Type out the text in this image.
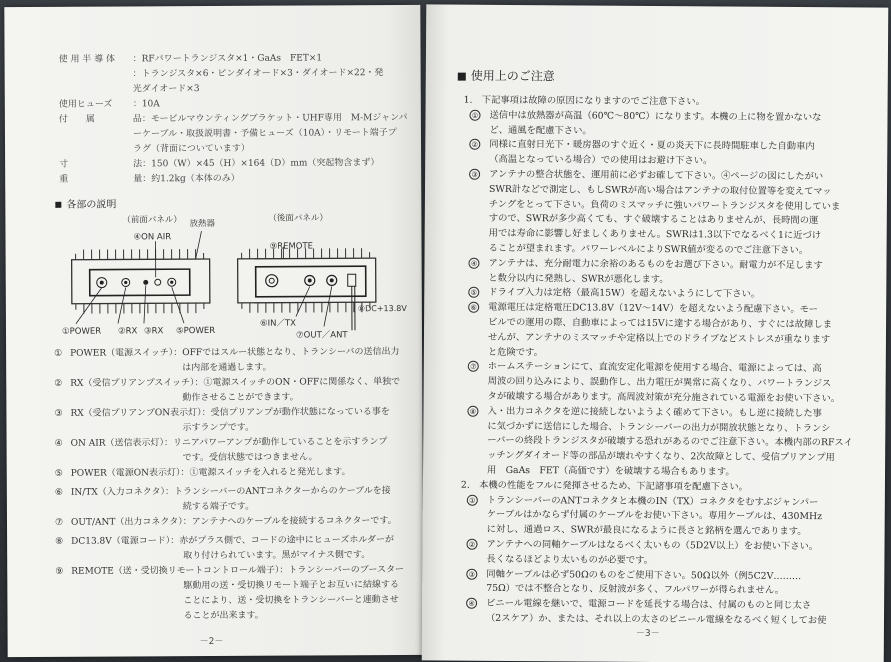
使 用 半 導 体 ：RFパワートランジスタ×1・GaAs　FET×1
：トランジスタ×6・ピンダイオード×3・ダイオード×22・発
光ダイオード×3
使用ヒューズ ：10A
付　　属	品：モービルマウンティングブラケット・UHF専用　M-Mジャンパ
ーケーブル・取扱説明書・予備ヒューズ（10A）・リモート端子プ
ラグ（背面についています）
寸	法：150（W）×45（H）×164（D）mm（突起物含まず）
重	量：約1.2kg（本体のみ）
各部の説明
（前面パネル） 放熱器
④ON AIR
（後面パネル）
⑨REMOTE
①POWER ②RX ③RX ⑤POWER
⑥IN／TX
⑦OUT／ANT
⑧DC+13.8V
① POWER（電源スイッチ）：OFFではスルー状態となり、トランシーバの送信出力
は内部を通過します。
② RX（受信プリアンプスイッチ）：①電源スイッチのON・OFFに関係なく、単独で
動作させることができます。
③ RX（受信プリアンプON表示灯）：受信プリアンプが動作状態になっている事を
示すランプです。
④ ON AIR（送信表示灯）：リニアパワーアンプが動作していることを示すランプ
です。受信状態ではつきません。
⑤ POWER（電源ON表示灯）：①電源スイッチを入れると発光します。
⑥ IN/TX（入力コネクタ）：トランシーバーのANTコネクターからのケーブルを接
続する端子です。
⑦ OUT/ANT（出力コネクタ）：アンテナへのケーブルを接続するコネクターです。
⑧ DC13.8V（電源コード）：赤がプラス側で、コードの途中にヒューズホルダーが
取り付けられています。黒がマイナス側です。
⑨ REMOTE（送・受切換リモートコントロール端子）：トランシーバーのブースター
駆動用の送・受切換リモート端子とお互いに結線する
ことにより、送・受切換をトランシーバーと連動させ
ることが出来ます。
－2－
使用上のご注意
1.　下記事項は故障の原因になりますのでご注意下さい。
① 送信中は放熱器が高温（60℃～80℃）になります。本機の上に物を置かないな
ど、通風を配慮下さい。
② 同様に直射日光下・暖房器のすぐ近く・夏の炎天下に長時間駐車した自動車内
（高温となっている場合）での使用はお避け下さい。
③ アンテナの整合状態を、運用前に必ずお確して下さい。④ページの図にしたがい
SWR計などで測定し、もしSWRが高い場合はアンテナの取付位置等を変えてマッ
チングをとって下さい。負荷のミスマッチに強いパワートランジスタを使用していま
すので、SWRが多少高くても、すぐ破壊することはありませんが、長時間の運
用では寿命に影響し好ましくありません。SWRは1.3以下でなるべく1に近づけ
ることが望まれます。パワーレベルによりSWR値が変るのでご注意下さい。
④ アンテナは、充分耐電力に余裕のあるものをお選び下さい。耐電力が不足します
と数分以内に発熱し、SWRが悪化します。
⑤ ドライブ入力は定格（最高15W）を超えないようにして下さい。
⑥ 電源電圧は定格電圧DC13.8V（12V～14V）を超えないよう配慮下さい。モー
ビルでの運用の際、自動車によっては15Vに達する場合があり、すぐには故障しま
せんが、アンテナのミスマッチや定格以上でのドライブなどストレスが重なります
と危険です。
⑦ ホームステーションにて、直流安定化電源を使用する場合、電源によっては、高
周波の回り込みにより、誤動作し、出力電圧が異常に高くなり、パワートランジス
タが破壊する場合があります。高周波対策が充分施されている電源をお使い下さい。
⑧ 入・出力コネクタを逆に接続しないようよく確めて下さい。もし逆に接続した事
に気づかずに送信にした場合、トランシーバーの出力が開放状態となり、トランシ
ーバーの終段トランジスタが破壊する恐れがあるのでご注意下さい。本機内部のRFスイ
ッチングダイオード等の部品が壊れやすくなり、2次故障として、受信プリアンプ用
用　GaAs　FET（高価です）を破壊する場合もあります。
2.　本機の性能をフルに発揮させるため、下記諸事項を配慮下さい。
① トランシーバーのANTコネクタと本機のIN（TX）コネクタをむすぶジャンパー
ケーブルはかならず付属のケーブルをお使い下さい。専用ケーブルは、430MHz
に対し、通過ロス、SWRが最良になるように長さと銘柄を選んであります。
② アンテナへの同軸ケーブルはなるべく太いもの（5D2V以上）をお使い下さい。
長くなるほどより太いものが必要です。
③ 同軸ケーブルは必ず50Ωのものをご使用下さい。50Ω以外（例5C2V………
75Ω）では不整合となり、反射波が多く、フルパワーが得られません。
④ ビニール電線を継いで、電源コードを延長する場合は、付属のものと同じ太さ
（2スケア）か、または、それ以上の太さのビニール電線をなるべく短くしてお使
－3－
